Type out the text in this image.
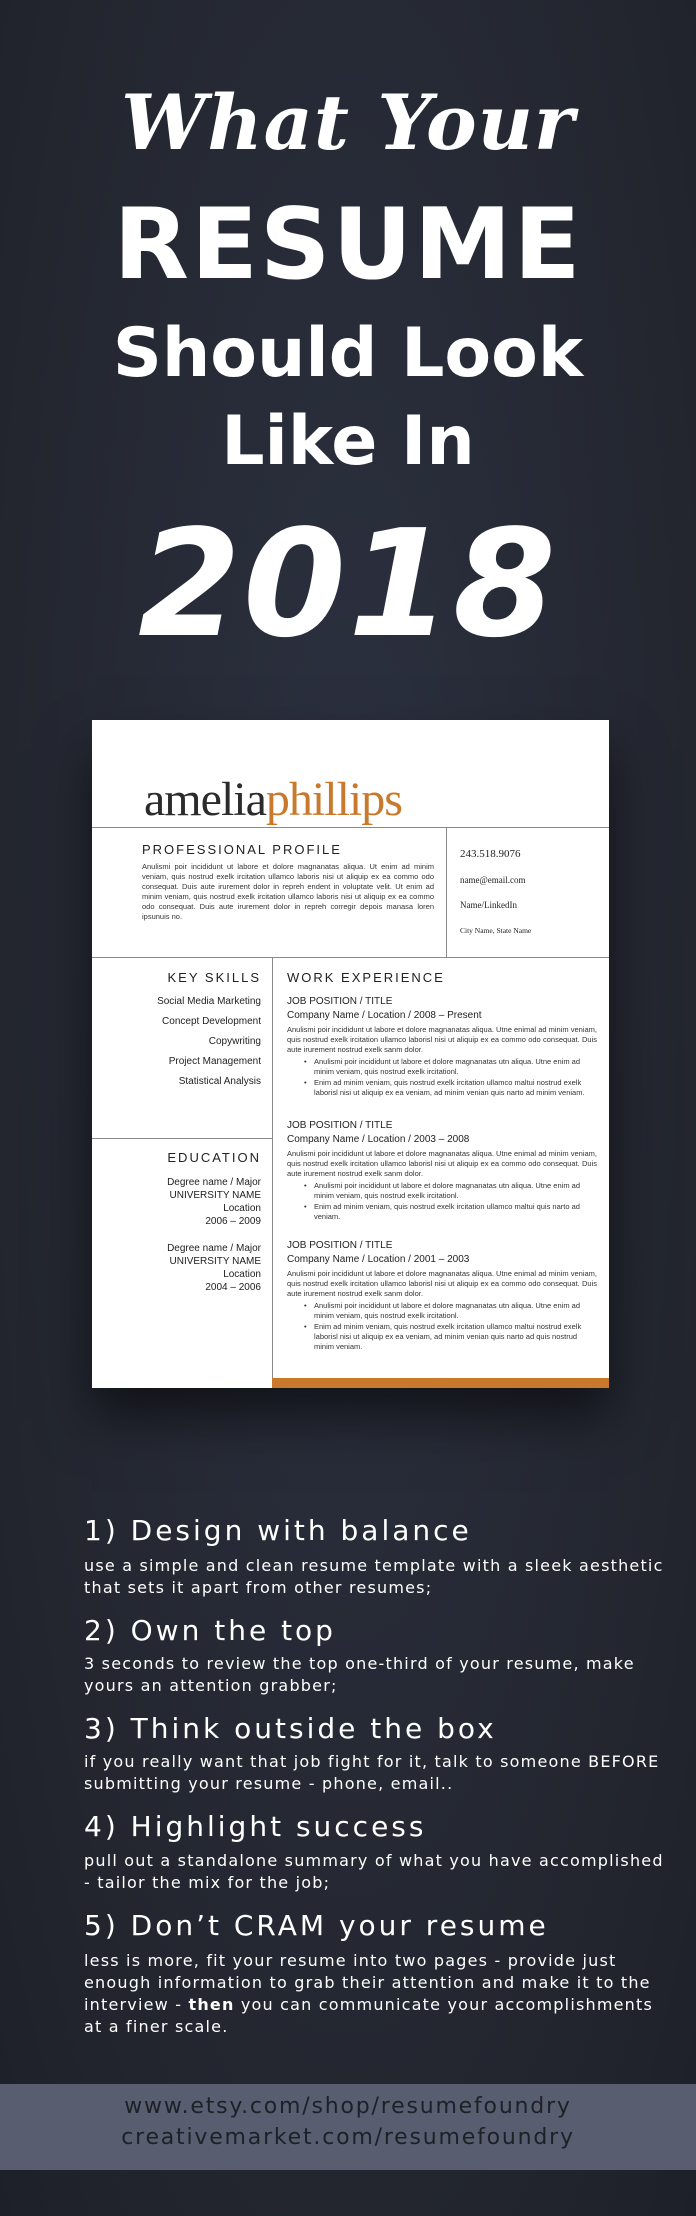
What Your
RESUME
Should Look
Like In
2018
ameliaphillips
PROFESSIONAL PROFILE
Anulismi poir incididunt ut labore et dolore magnanatas aliqua. Ut enim ad minim veniam, quis nostrud exelk ircitation ullamco laboris nisi ut aliquip ex ea commo odo consequat. Duis aute irurement dolor in repreh endent in voluptate velit. Ut enim ad minim veniam, quis nostrud exelk ircitation ullamco laboris nisi ut aliquip ex ea commo odo consequat. Duis aute irurement dolor in repreh corregir depois manasa loren ipsunuis no.
243.518.9076
name@email.com
Name/LinkedIn
City Name, State Name
KEY SKILLS
Social Media Marketing
Concept Development
Copywriting
Project Management
Statistical Analysis
EDUCATION
Degree name / Major
UNIVERSITY NAME
Location
2006 – 2009
Degree name / Major
UNIVERSITY NAME
Location
2004 – 2006
WORK EXPERIENCE
JOB POSITION / TITLE
Company Name / Location / 2008 – Present
Anulismi poir incididunt ut labore et dolore magnanatas aliqua. Utne enimal ad minim veniam, quis nostrud exelk ircitation ullamco laborisl nisi ut aliquip ex ea commo odo consequat. Duis aute irurement nostrud exelk sanm dolor.
• Anulismi poir incididunt ut labore et dolore magnanatas utn aliqua. Utne enim ad minim veniam, quis nostrud exelk ircitationl.
• Enim ad minim veniam, quis nostrud exelk ircitation ullamco maltui nostrud exelk laborisl nisi ut aliquip ex ea veniam, ad minim venian quis narto ad minim veniam.
JOB POSITION / TITLE
Company Name / Location / 2003 – 2008
Anulismi poir incididunt ut labore et dolore magnanatas aliqua. Utne enimal ad minim veniam, quis nostrud exelk ircitation ullamco laborisl nisi ut aliquip ex ea commo odo consequat. Duis aute irurement nostrud exelk sanm dolor.
• Anulismi poir incididunt ut labore et dolore magnanatas utn aliqua. Utne enim ad minim veniam, quis nostrud exelk ircitationl.
• Enim ad minim veniam, quis nostrud exelk ircitation ullamco maltui quis narto ad veniam.
JOB POSITION / TITLE
Company Name / Location / 2001 – 2003
Anulismi poir incididunt ut labore et dolore magnanatas aliqua. Utne enimal ad minim veniam, quis nostrud exelk ircitation ullamco laborisl nisi ut aliquip ex ea commo odo consequat. Duis aute irurement nostrud exelk sanm dolor.
• Anulismi poir incididunt ut labore et dolore magnanatas utn aliqua. Utne enim ad minim veniam, quis nostrud exelk ircitationl.
• Enim ad minim veniam, quis nostrud exelk ircitation ullamco maltui nostrud exelk laborisl nisi ut aliquip ex ea veniam, ad minim venian quis narto ad quis nostrud minim veniam.
1) Design with balance
use a simple and clean resume template with a sleek aesthetic that sets it apart from other resumes;
2) Own the top
3 seconds to review the top one-third of your resume, make yours an attention grabber;
3) Think outside the box
if you really want that job fight for it, talk to someone BEFORE submitting your resume - phone, email..
4) Highlight success
pull out a standalone summary of what you have accomplished - tailor the mix for the job;
5) Don’t CRAM your resume
less is more, fit your resume into two pages - provide just enough information to grab their attention and make it to the interview - then you can communicate your accomplishments at a finer scale.
www.etsy.com/shop/resumefoundry
creativemarket.com/resumefoundry
